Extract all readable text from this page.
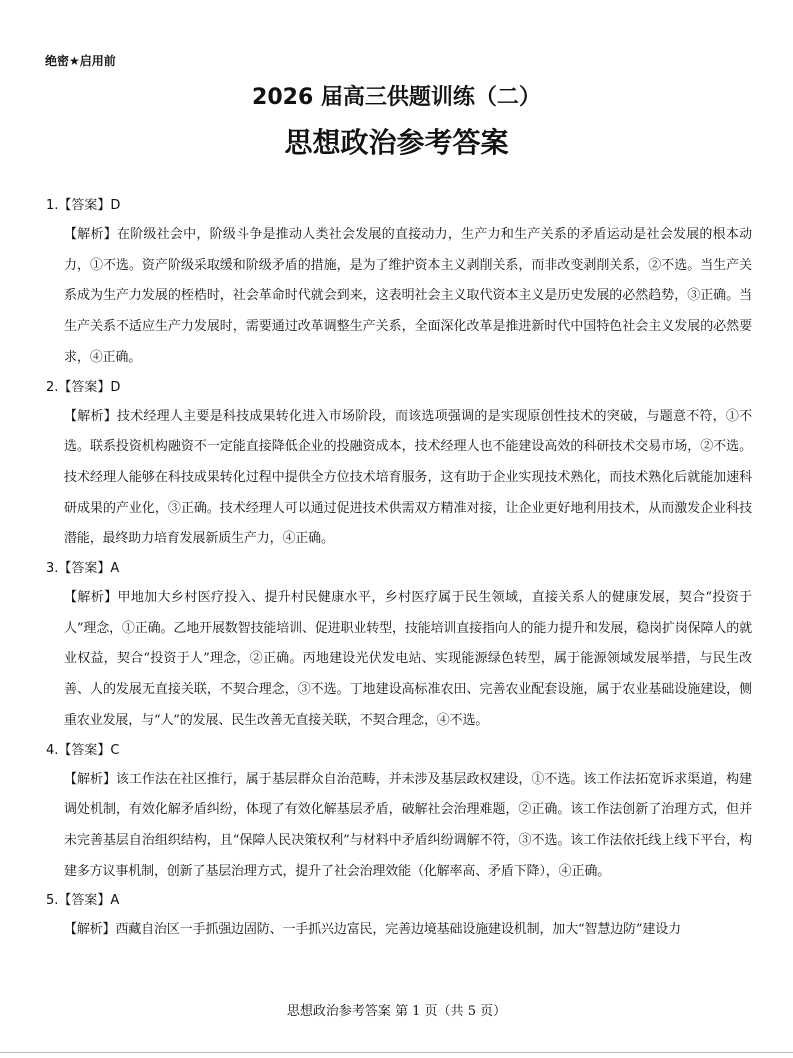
绝密★启用前
2026 届高三供题训练（二）
思想政治参考答案
1.【答案】D
【解析】在阶级社会中，阶级斗争是推动人类社会发展的直接动力，生产力和生产关系的矛盾运动是社会发展的根本动力，①不选。资产阶级采取缓和阶级矛盾的措施，是为了维护资本主义剥削关系，而非改变剥削关系，②不选。当生产关系成为生产力发展的桎梏时，社会革命时代就会到来，这表明社会主义取代资本主义是历史发展的必然趋势，③正确。当生产关系不适应生产力发展时，需要通过改革调整生产关系，全面深化改革是推进新时代中国特色社会主义发展的必然要求，④正确。
2.【答案】D
【解析】技术经理人主要是科技成果转化进入市场阶段，而该选项强调的是实现原创性技术的突破，与题意不符，①不选。联系投资机构融资不一定能直接降低企业的投融资成本，技术经理人也不能建设高效的科研技术交易市场，②不选。技术经理人能够在科技成果转化过程中提供全方位技术培育服务，这有助于企业实现技术熟化，而技术熟化后就能加速科研成果的产业化，③正确。技术经理人可以通过促进技术供需双方精准对接，让企业更好地利用技术，从而激发企业科技潜能，最终助力培育发展新质生产力，④正确。
3.【答案】A
【解析】甲地加大乡村医疗投入、提升村民健康水平，乡村医疗属于民生领域，直接关系人的健康发展，契合“投资于人”理念，①正确。乙地开展数智技能培训、促进职业转型，技能培训直接指向人的能力提升和发展，稳岗扩岗保障人的就业权益，契合“投资于人”理念，②正确。丙地建设光伏发电站、实现能源绿色转型，属于能源领域发展举措，与民生改善、人的发展无直接关联，不契合理念，③不选。丁地建设高标准农田、完善农业配套设施，属于农业基础设施建设，侧重农业发展，与“人”的发展、民生改善无直接关联，不契合理念，④不选。
4.【答案】C
【解析】该工作法在社区推行，属于基层群众自治范畴，并未涉及基层政权建设，①不选。该工作法拓宽诉求渠道，构建调处机制，有效化解矛盾纠纷，体现了有效化解基层矛盾，破解社会治理难题，②正确。该工作法创新了治理方式，但并未完善基层自治组织结构，且“保障人民决策权利”与材料中矛盾纠纷调解不符，③不选。该工作法依托线上线下平台，构建多方议事机制，创新了基层治理方式，提升了社会治理效能（化解率高、矛盾下降），④正确。
5.【答案】A
【解析】西藏自治区一手抓强边固防、一手抓兴边富民，完善边境基础设施建设机制，加大“智慧边防”建设力
思想政治参考答案 第 1 页（共 5 页）
